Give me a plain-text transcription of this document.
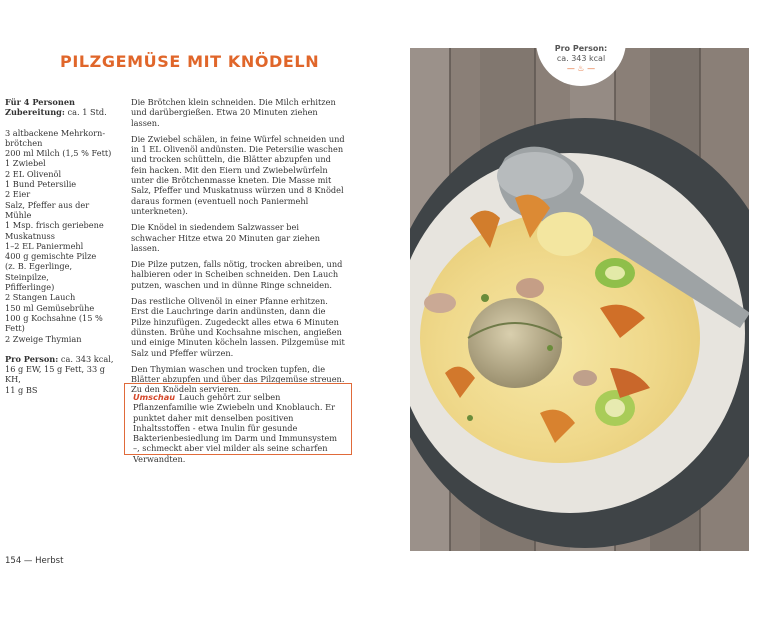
PILZGEMÜSE MIT KNÖDELN

Für 4 Personen

Zubereitung: ca. 1 Std.

3 altbackene Mehrkorn-

brötchen

200 ml Milch (1,5 % Fett)

1 Zwiebel

2 EL Olivenöl

1 Bund Petersilie

2 Eier

Salz, Pfeffer aus der Mühle

1 Msp. frisch geriebene

Muskatnuss

1–2 EL Paniermehl

400 g gemischte Pilze

(z. B. Egerlinge, Steinpilze,

Pfifferlinge)

2 Stangen Lauch

150 ml Gemüsebrühe

100 g Kochsahne (15 % Fett)

2 Zweige Thymian

Pro Person: ca. 343 kcal,

16 g EW, 15 g Fett, 33 g KH,

11 g BS

Die Brötchen klein schneiden. Die Milch erhitzen und darübergießen. Etwa 20 Minuten ziehen lassen.

Die Zwiebel schälen, in feine Würfel schneiden und in 1 EL Olivenöl andünsten. Die Petersilie waschen und trocken schütteln, die Blätter abzupfen und fein hacken. Mit den Eiern und Zwiebelwürfeln unter die Brötchenmasse kneten. Die Masse mit Salz, Pfeffer und Muskatnuss würzen und 8 Knödel daraus formen (eventuell noch Paniermehl unterkneten).

Die Knödel in siedendem Salzwasser bei schwacher Hitze etwa 20 Minuten gar ziehen lassen.

Die Pilze putzen, falls nötig, trocken abreiben, und halbieren oder in Scheiben schneiden. Den Lauch putzen, waschen und in dünne Ringe schneiden.

Das restliche Olivenöl in einer Pfanne erhitzen. Erst die Lauchringe darin andünsten, dann die Pilze hinzufügen. Zugedeckt alles etwa 6 Minuten dünsten. Brühe und Kochsahne mischen, angießen und einige Minuten köcheln lassen. Pilzgemüse mit Salz und Pfeffer würzen.

Den Thymian waschen und trocken tupfen, die Blätter abzupfen und über das Pilzgemüse streuen. Zu den Knödeln servieren.

Umschau Lauch gehört zur selben Pflanzenfamilie wie Zwiebeln und Knoblauch. Er punktet daher mit denselben positiven Inhaltsstoffen - etwa Inulin für gesunde Bakterienbesiedlung im Darm und Immunsystem –, schmeckt aber viel milder als seine scharfen Verwandten.
154 — Herbst
Pro Person:
ca. 343 kcal
— ♨ —
